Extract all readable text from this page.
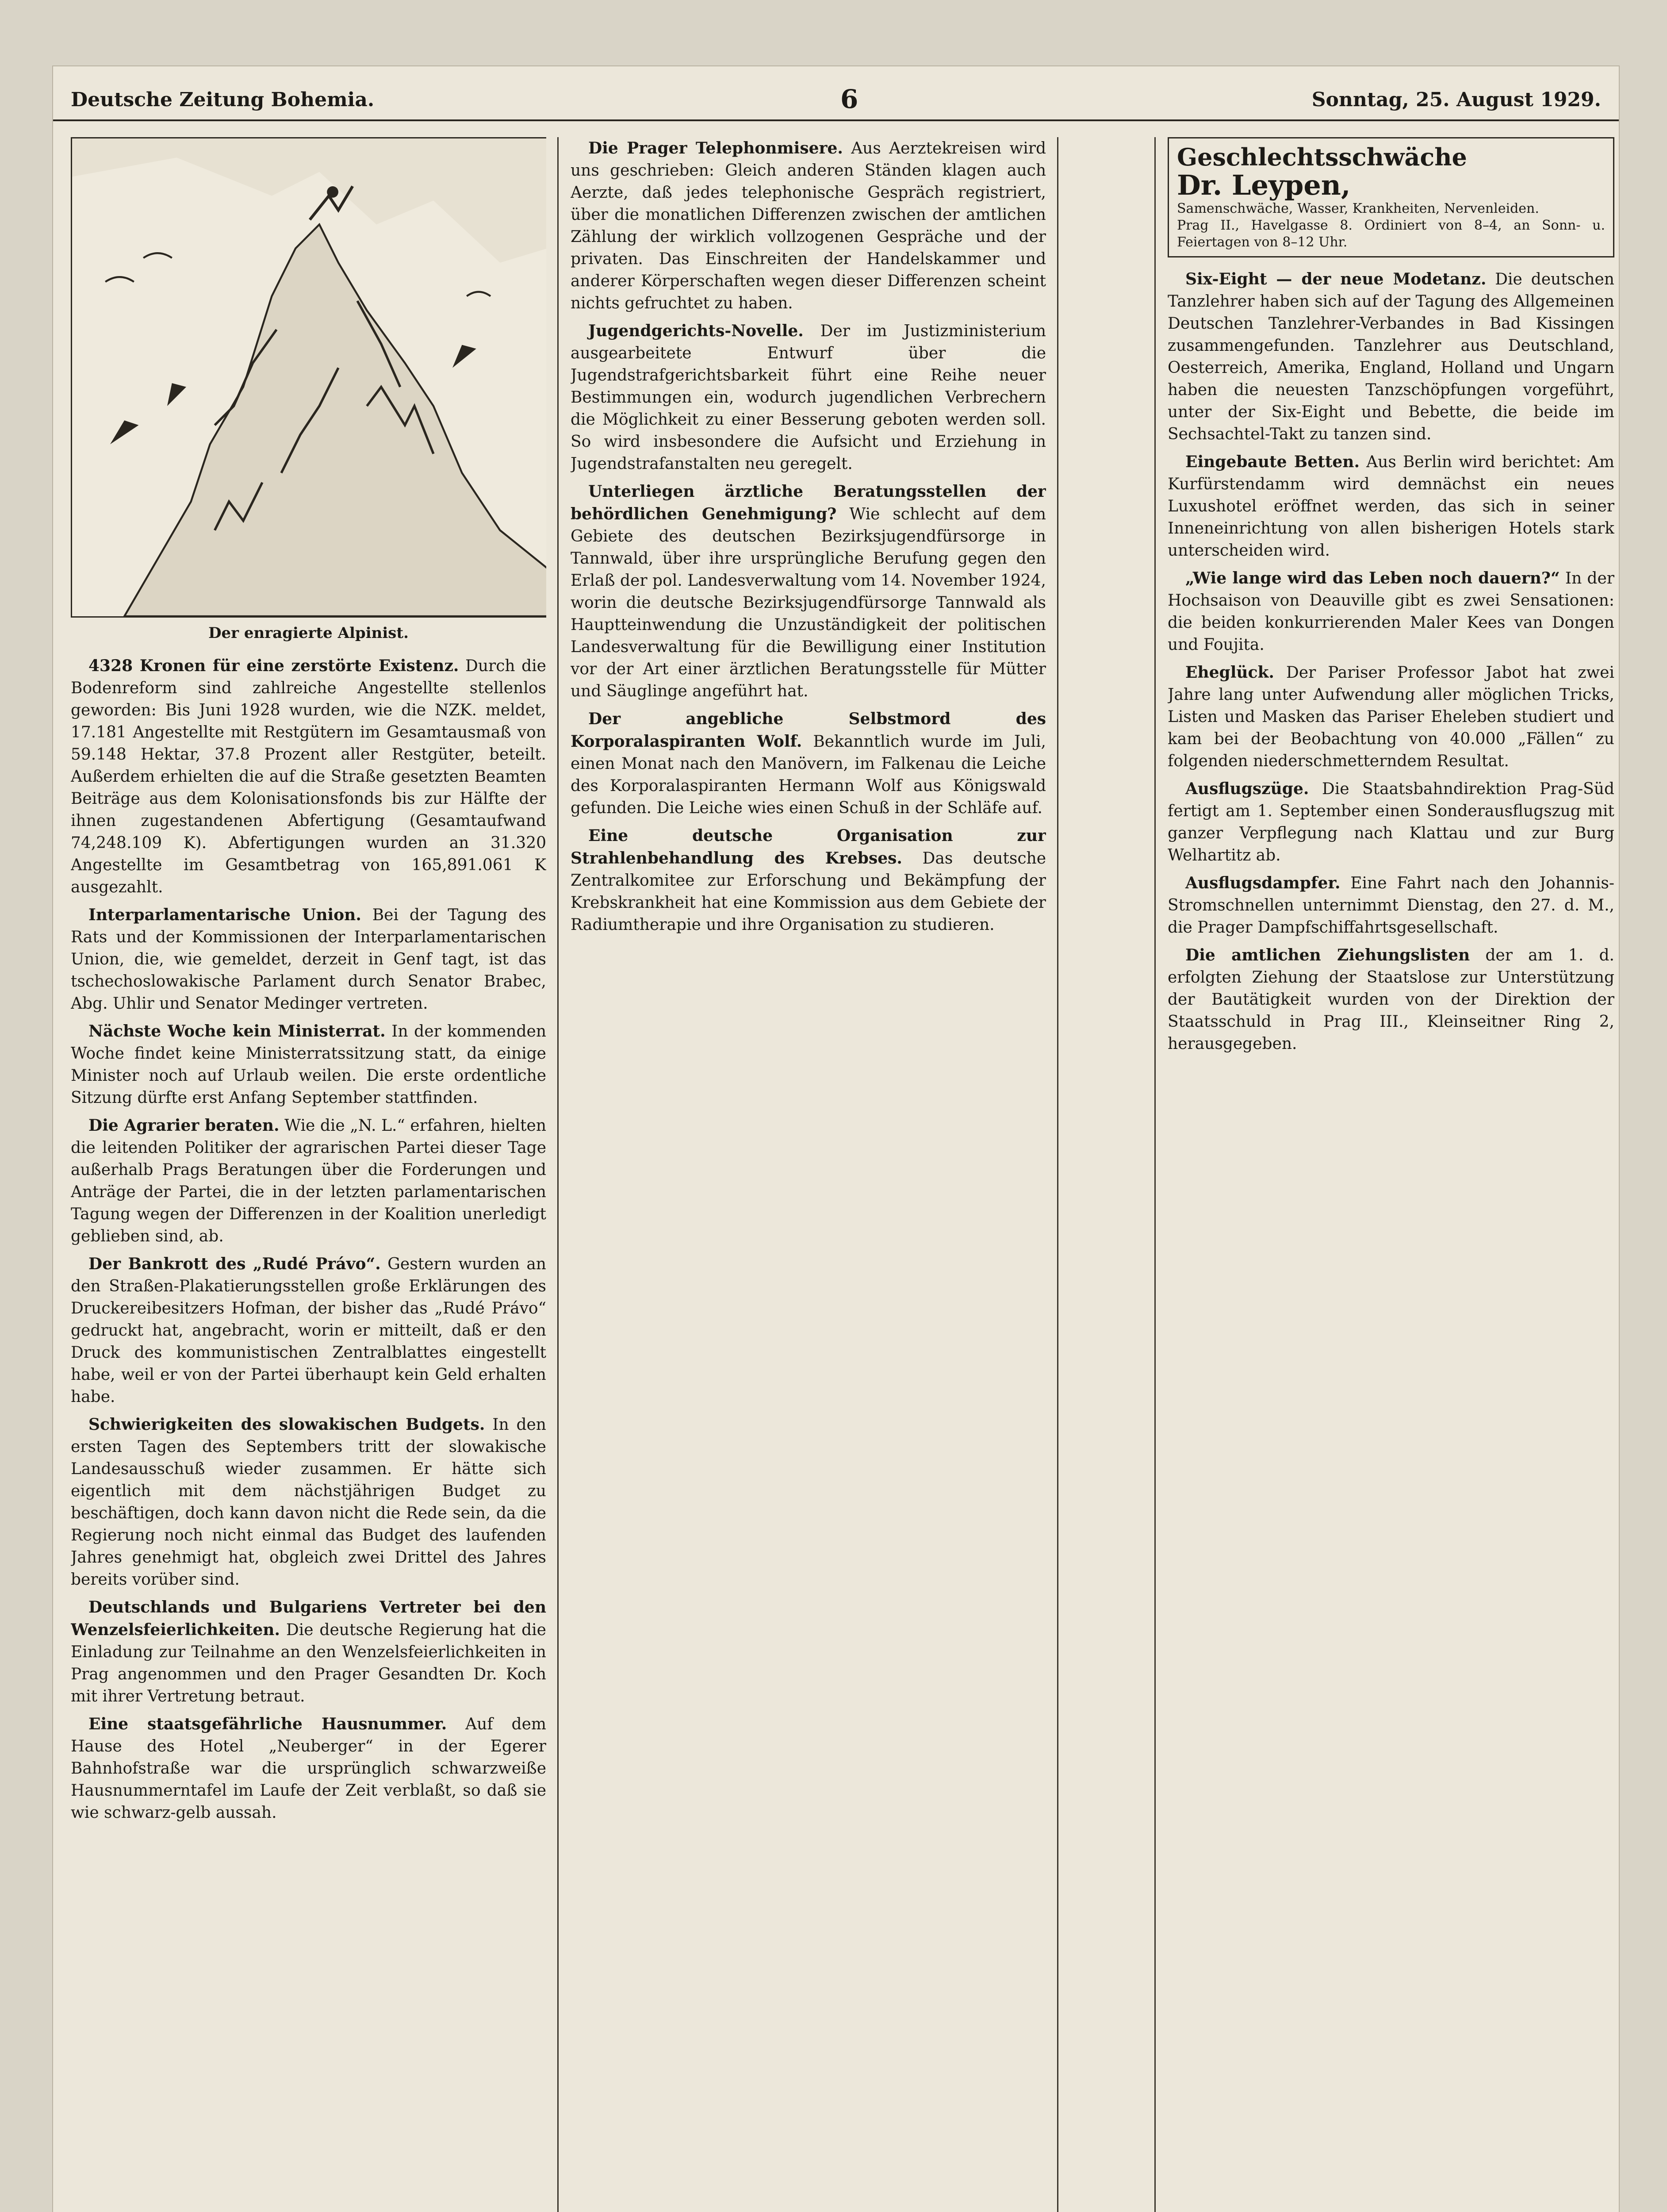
Deutsche Zeitung Bohemia.	6	Sonntag, 25. August 1929.
Der enragierte Alpinist.

4328 Kronen für eine zerstörte Existenz. Durch die Bodenreform sind zahlreiche Angestellte stellenlos geworden: Bis Juni 1928 wurden, wie die NZK. meldet, 17.181 Angestellte mit Restgütern im Gesamtausmaß von 59.148 Hektar, 37.8 Prozent aller Restgüter, beteilt. Außerdem erhielten die auf die Straße gesetzten Beamten Beiträge aus dem Kolonisationsfonds bis zur Hälfte der ihnen zugestandenen Abfertigung (Gesamtaufwand 74,248.109 K). Abfertigungen wurden an 31.320 Angestellte im Gesamtbetrag von 165,891.061 K ausgezahlt.

Interparlamentarische Union. Bei der Tagung des Rats und der Kommissionen der Interparlamentarischen Union, die, wie gemeldet, derzeit in Genf tagt, ist das tschechoslowakische Parlament durch Senator Brabec, Abg. Uhlir und Senator Medinger vertreten.

Nächste Woche kein Ministerrat. In der kommenden Woche findet keine Ministerratssitzung statt, da einige Minister noch auf Urlaub weilen. Die erste ordentliche Sitzung dürfte erst Anfang September stattfinden.

Die Agrarier beraten. Wie die „N. L.“ erfahren, hielten die leitenden Politiker der agrarischen Partei dieser Tage außerhalb Prags Beratungen über die Forderungen und Anträge der Partei, die in der letzten parlamentarischen Tagung wegen der Differenzen in der Koalition unerledigt geblieben sind, ab.

Der Bankrott des „Rudé Právo“. Gestern wurden an den Straßen-Plakatierungsstellen große Erklärungen des Druckereibesitzers Hofman, der bisher das „Rudé Právo“ gedruckt hat, angebracht, worin er mitteilt, daß er den Druck des kommunistischen Zentralblattes eingestellt habe, weil er von der Partei überhaupt kein Geld erhalten habe.

Schwierigkeiten des slowakischen Budgets. In den ersten Tagen des Septembers tritt der slowakische Landesausschuß wieder zusammen. Er hätte sich eigentlich mit dem nächstjährigen Budget zu beschäftigen, doch kann davon nicht die Rede sein, da die Regierung noch nicht einmal das Budget des laufenden Jahres genehmigt hat, obgleich zwei Drittel des Jahres bereits vorüber sind.

Deutschlands und Bulgariens Vertreter bei den Wenzelsfeierlichkeiten. Die deutsche Regierung hat die Einladung zur Teilnahme an den Wenzelsfeierlichkeiten in Prag angenommen und den Prager Gesandten Dr. Koch mit ihrer Vertretung betraut.

Eine staatsgefährliche Hausnummer. Auf dem Hause des Hotel „Neuberger“ in der Egerer Bahnhofstraße war die ursprünglich schwarzweiße Hausnummerntafel im Laufe der Zeit verblaßt, so daß sie wie schwarz-gelb aussah.

Die Prager Telephonmisere. Aus Aerztekreisen wird uns geschrieben: Gleich anderen Ständen klagen auch Aerzte, daß jedes telephonische Gespräch registriert, über die monatlichen Differenzen zwischen der amtlichen Zählung der wirklich vollzogenen Gespräche und der privaten. Das Einschreiten der Handelskammer und anderer Körperschaften wegen dieser Differenzen scheint nichts gefruchtet zu haben.

Jugendgerichts-Novelle. Der im Justizministerium ausgearbeitete Entwurf über die Jugendstrafgerichtsbarkeit führt eine Reihe neuer Bestimmungen ein, wodurch jugendlichen Verbrechern die Möglichkeit zu einer Besserung geboten werden soll. So wird insbesondere die Aufsicht und Erziehung in Jugendstrafanstalten neu geregelt.

Unterliegen ärztliche Beratungsstellen der behördlichen Genehmigung? Wie schlecht auf dem Gebiete des deutschen Bezirksjugendfürsorge in Tannwald, über ihre ursprüngliche Berufung gegen den Erlaß der pol. Landesverwaltung vom 14. November 1924, worin die deutsche Bezirksjugendfürsorge Tannwald als Hauptteinwendung die Unzuständigkeit der politischen Landesverwaltung für die Bewilligung einer Institution vor der Art einer ärztlichen Beratungsstelle für Mütter und Säuglinge angeführt hat.

Der angebliche Selbstmord des Korporalaspiranten Wolf. Bekanntlich wurde im Juli, einen Monat nach den Manövern, im Falkenau die Leiche des Korporalaspiranten Hermann Wolf aus Königswald gefunden. Die Leiche wies einen Schuß in der Schläfe auf.

Eine deutsche Organisation zur Strahlenbehandlung des Krebses. Das deutsche Zentralkomitee zur Erforschung und Bekämpfung der Krebskrankheit hat eine Kommission aus dem Gebiete der Radiumtherapie und ihre Organisation zu studieren.

Geschlechtsschwäche
Dr. Leypen,
Samenschwäche, Wasser, Krankheiten, Nervenleiden.
Prag II., Havelgasse 8. Ordiniert von 8–4, an Sonn- u. Feiertagen von 8–12 Uhr.

Six-Eight — der neue Modetanz. Die deutschen Tanzlehrer haben sich auf der Tagung des Allgemeinen Deutschen Tanzlehrer-Verbandes in Bad Kissingen zusammengefunden. Tanzlehrer aus Deutschland, Oesterreich, Amerika, England, Holland und Ungarn haben die neuesten Tanzschöpfungen vorgeführt, unter der Six-Eight und Bebette, die beide im Sechsachtel-Takt zu tanzen sind.

Eingebaute Betten. Aus Berlin wird berichtet: Am Kurfürstendamm wird demnächst ein neues Luxushotel eröffnet werden, das sich in seiner Inneneinrichtung von allen bisherigen Hotels stark unterscheiden wird.

„Wie lange wird das Leben noch dauern?“ In der Hochsaison von Deauville gibt es zwei Sensationen: die beiden konkurrierenden Maler Kees van Dongen und Foujita.

Eheglück. Der Pariser Professor Jabot hat zwei Jahre lang unter Aufwendung aller möglichen Tricks, Listen und Masken das Pariser Eheleben studiert und kam bei der Beobachtung von 40.000 „Fällen“ zu folgenden niederschmetterndem Resultat.

Ausflugszüge. Die Staatsbahndirektion Prag-Süd fertigt am 1. September einen Sonderausflugszug mit ganzer Verpflegung nach Klattau und zur Burg Welhartitz ab.

Ausflugsdampfer. Eine Fahrt nach den Johannis-Stromschnellen unternimmt Dienstag, den 27. d. M., die Prager Dampfschiffahrtsgesellschaft.

Die amtlichen Ziehungslisten der am 1. d. erfolgten Ziehung der Staatslose zur Unterstützung der Bautätigkeit wurden von der Direktion der Staatsschuld in Prag III., Kleinseitner Ring 2, herausgegeben.
